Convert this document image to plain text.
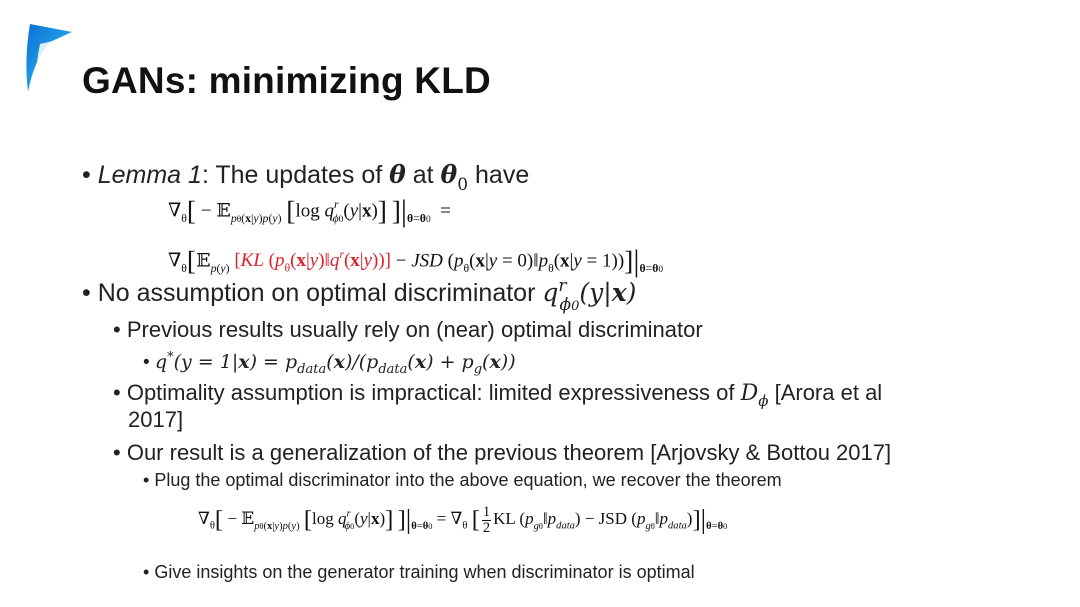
GANs: minimizing KLD
• Lemma 1: The updates of θ at $\theta_0$ have
$\nabla_\theta$[ − 𝔼$_{p\theta(x|y)p(y)}$ [log $q^r_{\phi 0}(y|x)$] ]$|_{\theta=\theta 0}$  =
$\nabla_\theta[𝔼_{p(y)}$ [KL $(p_\theta(x|y)‖q^r(x|y))$] − JSD ($p_\theta(x|y$ = $0)‖p_\theta(x|y = 1))]|_{\theta=\theta 0}$
• No assumption on optimal discriminator $q^r_{\phi 0}(y|x)$
• Previous results usually rely on (near) optimal discriminator
• $q^*(y = 1|x) = p_{data}(x)/(p_{data}(x) + p_g(x))$
• Optimality assumption is impractical: limited expressiveness of $D_\phi$ [Arora et al
2017]
• Our result is a generalization of the previous theorem [Arjovsky & Bottou 2017]
• Plug the optimal discriminator into the above equation, we recover the theorem
$\nabla_\theta$[ − 𝔼$_{p\theta(x|y)p(y)}$ [log $q^r_{\phi 0}(y|x)$] ]$|_{\theta=\theta 0} = \nabla_\theta$ [ $\frac{1}{2}$ KL $(p_{g\theta}‖p_{data})$ − JSD $(p_{g\theta}‖p_{data})]|_{\theta=\theta 0}$
• Give insights on the generator training when discriminator is optimal
